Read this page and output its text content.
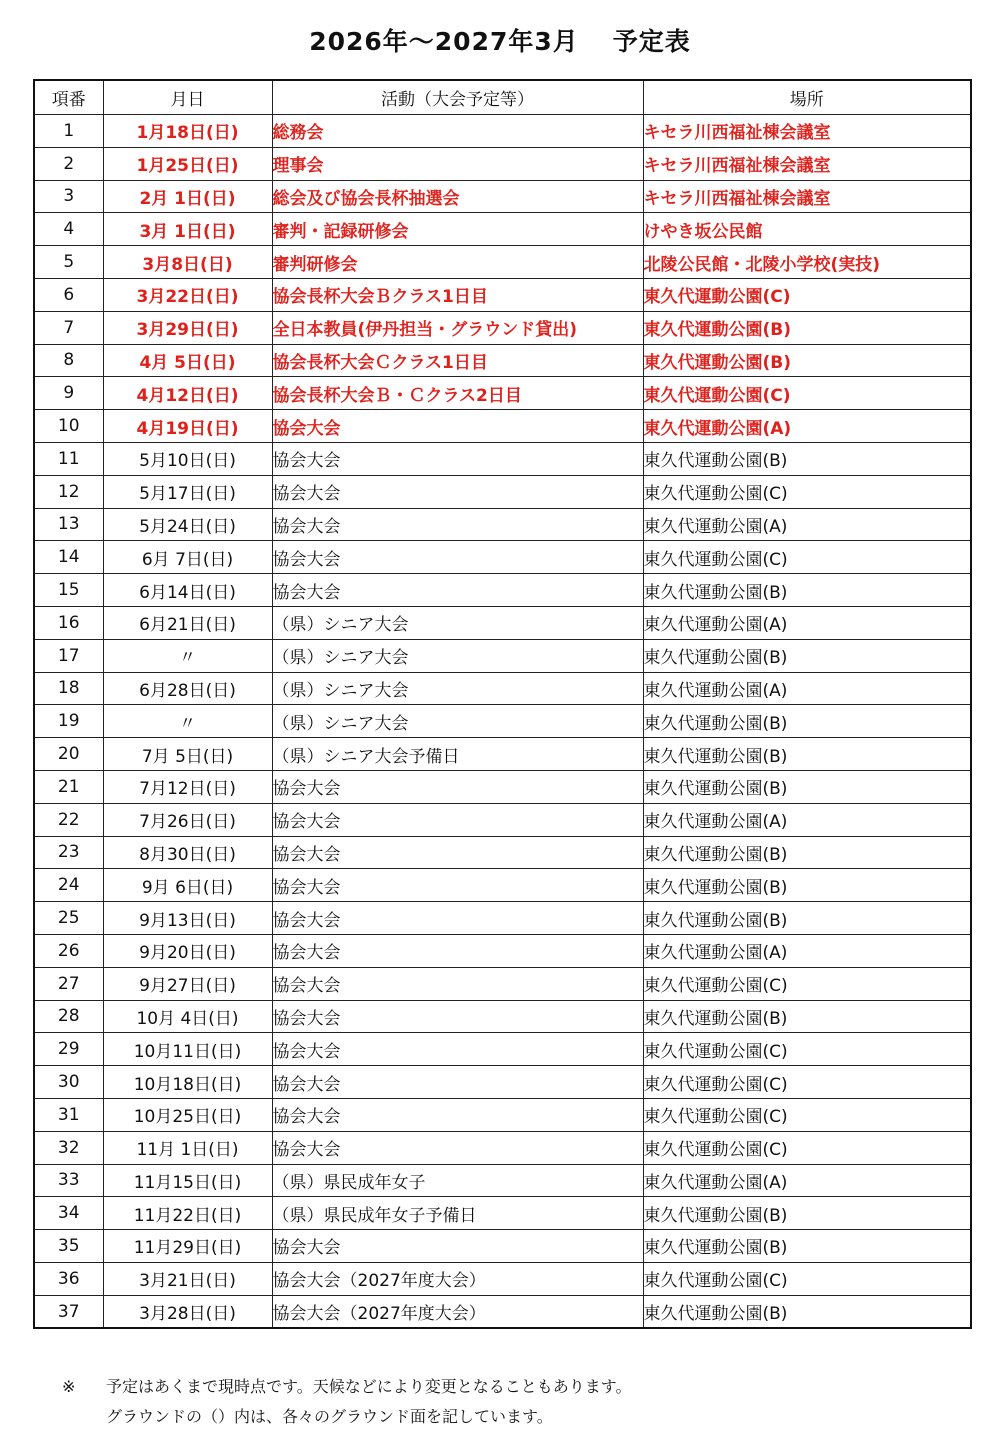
2026年～2027年3月 予定表
項番	月日	活動（大会予定等）	場所
1	1月18日(日)	総務会	キセラ川西福祉棟会議室
2	1月25日(日)	理事会	キセラ川西福祉棟会議室
3	2月 1日(日)	総会及び協会長杯抽選会	キセラ川西福祉棟会議室
4	3月 1日(日)	審判・記録研修会	けやき坂公民館
5	3月8日(日)	審判研修会	北陵公民館・北陵小学校(実技)
6	3月22日(日)	協会長杯大会Ｂクラス1日目	東久代運動公園(C)
7	3月29日(日)	全日本教員(伊丹担当・グラウンド貸出)	東久代運動公園(B)
8	4月 5日(日)	協会長杯大会Ｃクラス1日目	東久代運動公園(B)
9	4月12日(日)	協会長杯大会Ｂ・Ｃクラス2日目	東久代運動公園(C)
10	4月19日(日)	協会大会	東久代運動公園(A)
11	5月10日(日)	協会大会	東久代運動公園(B)
12	5月17日(日)	協会大会	東久代運動公園(C)
13	5月24日(日)	協会大会	東久代運動公園(A)
14	6月 7日(日)	協会大会	東久代運動公園(C)
15	6月14日(日)	協会大会	東久代運動公園(B)
16	6月21日(日)	（県）シニア大会	東久代運動公園(A)
17	〃	（県）シニア大会	東久代運動公園(B)
18	6月28日(日)	（県）シニア大会	東久代運動公園(A)
19	〃	（県）シニア大会	東久代運動公園(B)
20	7月 5日(日)	（県）シニア大会予備日	東久代運動公園(B)
21	7月12日(日)	協会大会	東久代運動公園(B)
22	7月26日(日)	協会大会	東久代運動公園(A)
23	8月30日(日)	協会大会	東久代運動公園(B)
24	9月 6日(日)	協会大会	東久代運動公園(B)
25	9月13日(日)	協会大会	東久代運動公園(B)
26	9月20日(日)	協会大会	東久代運動公園(A)
27	9月27日(日)	協会大会	東久代運動公園(C)
28	10月 4日(日)	協会大会	東久代運動公園(B)
29	10月11日(日)	協会大会	東久代運動公園(C)
30	10月18日(日)	協会大会	東久代運動公園(C)
31	10月25日(日)	協会大会	東久代運動公園(C)
32	11月 1日(日)	協会大会	東久代運動公園(C)
33	11月15日(日)	（県）県民成年女子	東久代運動公園(A)
34	11月22日(日)	（県）県民成年女子予備日	東久代運動公園(B)
35	11月29日(日)	協会大会	東久代運動公園(B)
36	3月21日(日)	協会大会（2027年度大会）	東久代運動公園(C)
37	3月28日(日)	協会大会（2027年度大会）	東久代運動公園(B)
※ 予定はあくまで現時点です。天候などにより変更となることもあります。
グラウンドの（）内は、各々のグラウンド面を記しています。
